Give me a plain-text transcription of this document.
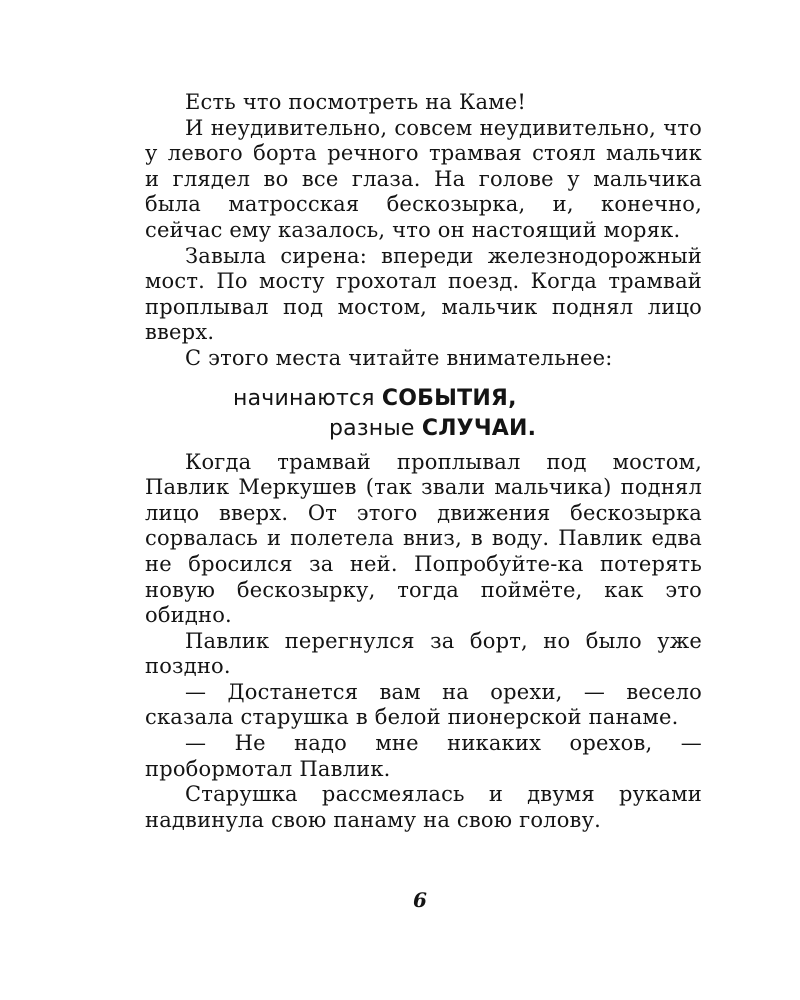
Есть что посмотреть на Каме!

И неудивительно, совсем неудивительно, что у левого борта речного трамвая стоял мальчик и глядел во все глаза. На голове у мальчика была матросская бескозырка, и, конечно, сейчас ему казалось, что он настоящий моряк.

Завыла сирена: впереди железнодорожный мост. По мосту грохотал поезд. Когда трамвай проплывал под мостом, мальчик поднял лицо вверх.

С этого места читайте внимательнее:

начинаются СОБЫТИЯ,
разные СЛУЧАИ.

Когда трамвай проплывал под мостом, Павлик Меркушев (так звали мальчика) поднял лицо вверх. От этого движения бескозырка сорвалась и полетела вниз, в воду. Павлик едва не бросился за ней. Попробуйте-ка потерять новую бескозырку, тогда поймёте, как это обидно.

Павлик перегнулся за борт, но было уже поздно.

— Достанется вам на орехи, — весело сказала старушка в белой пионерской панаме.

— Не надо мне никаких орехов, — пробормотал Павлик.

Старушка рассмеялась и двумя руками надвинула свою панаму на свою голову.

6
